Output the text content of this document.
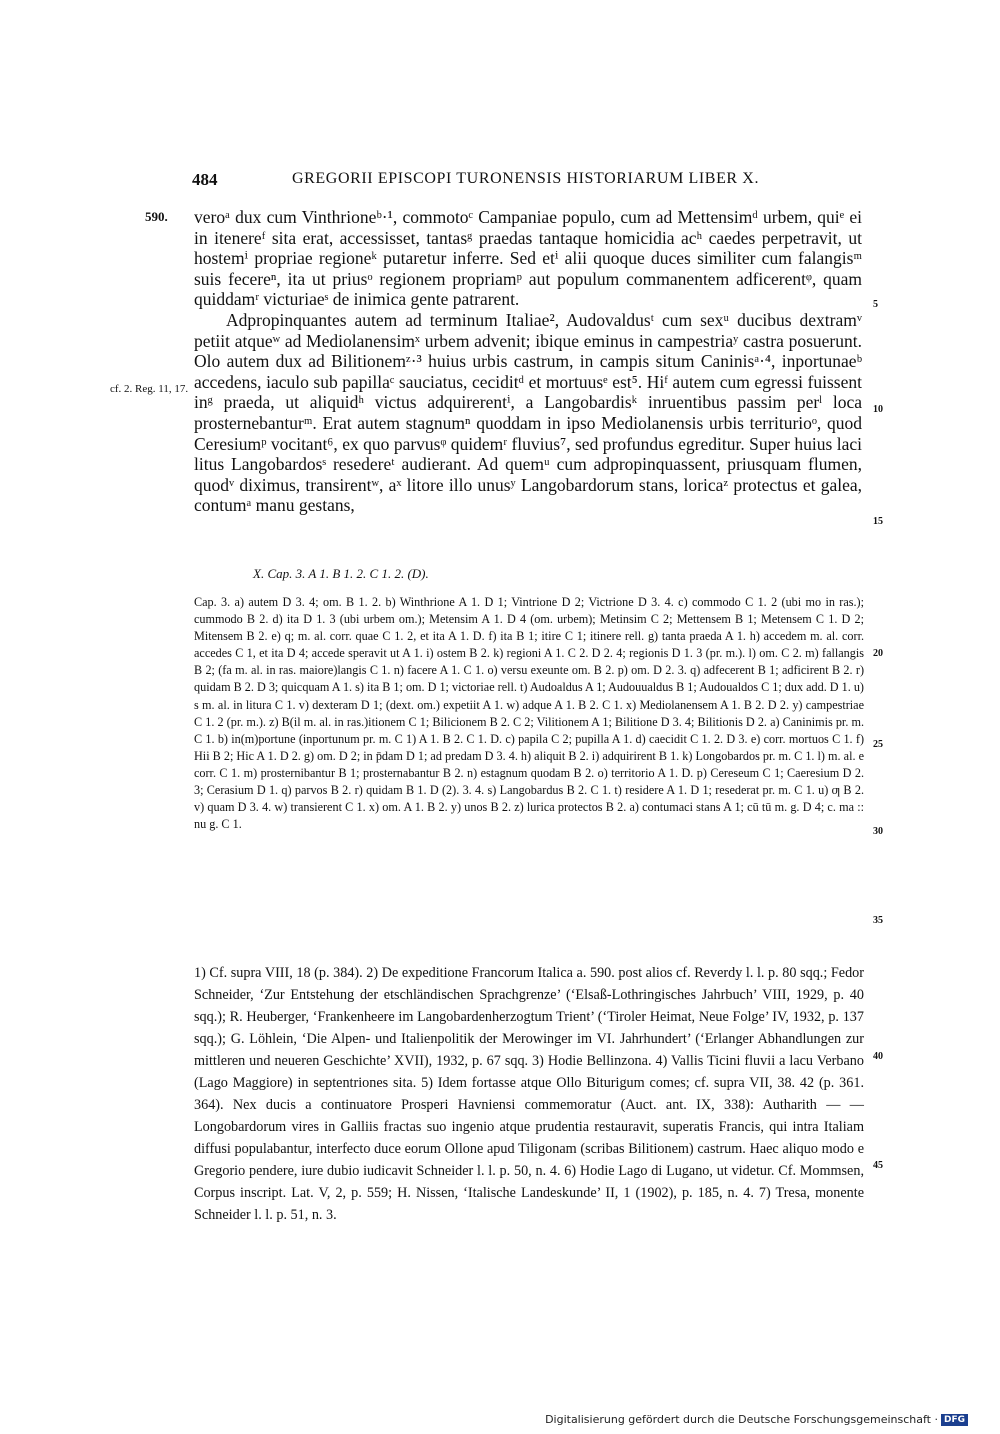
484	GREGORII EPISCOPI TURONENSIS HISTORIARUM LIBER X.
590.
cf. 2. Reg. 11, 17.

veroᵃ dux cum Vinthrioneᵇ·¹, commotoᶜ Campaniae populo, cum ad Mettensimᵈ urbem, quiᵉ ei in itenereᶠ sita erat, accessisset, tantasᵍ praedas tantaque homicidia acʰ caedes perpetravit, ut hostemⁱ propriae regioneᵏ putaretur inferre. Sed etⁱ alii quoque duces similiter cum falangisᵐ suis fecereⁿ, ita ut priusᵒ regionem propriamᵖ aut populum commanentem adficerentᵠ, quam quiddamʳ victuriaeˢ de inimica gente patrarent.

Adpropinquantes autem ad terminum Italiae², Audovaldusᵗ cum sexᵘ ducibus dextramᵛ petiit atqueʷ ad Mediolanensimˣ urbem advenit; ibique eminus in campestriaʸ castra posuerunt. Olo autem dux ad Bilitionemᶻ·³ huius urbis castrum, in campis situm Caninisᵃ·⁴, inportunaeᵇ accedens, iaculo sub papillaᶜ sauciatus, ceciditᵈ et mortuusᵉ est⁵. Hiᶠ autem cum egressi fuissent inᵍ praeda, ut aliquidʰ victus adquirerentⁱ, a Langobardisᵏ inruentibus passim perˡ loca prosternebanturᵐ. Erat autem stagnumⁿ quoddam in ipso Mediolanensis urbis territurioᵒ, quod Ceresiumᵖ vocitant⁶, ex quo parvusᵠ quidemʳ fluvius⁷, sed profundus egreditur. Super huius laci litus Langobardosˢ resedereᵗ audierant. Ad quemᵘ cum adpropinquassent, priusquam flumen, quodᵛ diximus, transirentʷ, aˣ litore illo unusʸ Langobardorum stans, loricaᶻ protectus et galea, contumᵃ manu gestans,

5
10
15
20
25
30
35
40
45
X. Cap. 3. A 1. B 1. 2. C 1. 2. (D).
Cap. 3. a) autem D 3. 4; om. B 1. 2. b) Winthrione A 1. D 1; Vintrione D 2; Victrione D 3. 4. c) commodo C 1. 2 (ubi mo in ras.); cummodo B 2. d) ita D 1. 3 (ubi urbem om.); Metensim A 1. D 4 (om. urbem); Metinsim C 2; Mettensem B 1; Metensem C 1. D 2; Mitensem B 2. e) q; m. al. corr. quae C 1. 2, et ita A 1. D. f) ita B 1; itire C 1; itinere rell. g) tanta praeda A 1. h) accedem m. al. corr. accedes C 1, et ita D 4; accede speravit ut A 1. i) ostem B 2. k) regioni A 1. C 2. D 2. 4; regionis D 1. 3 (pr. m.). l) om. C 2. m) fallangis B 2; (fa m. al. in ras. maiore)langis C 1. n) facere A 1. C 1. o) versu exeunte om. B 2. p) om. D 2. 3. q) adfecerent B 1; adficirent B 2. r) quidam B 2. D 3; quicquam A 1. s) ita B 1; om. D 1; victoriae rell. t) Audoaldus A 1; Audouualdus B 1; Audoualdos C 1; dux add. D 1. u) s m. al. in litura C 1. v) dexteram D 1; (dext. om.) expetiit A 1. w) adque A 1. B 2. C 1. x) Mediolanensem A 1. B 2. D 2. y) campestriae C 1. 2 (pr. m.). z) B(il m. al. in ras.)itionem C 1; Bilicionem B 2. C 2; Vilitionem A 1; Bilitione D 3. 4; Bilitionis D 2. a) Caninimis pr. m. C 1. b) in(m)portune (inportunum pr. m. C 1) A 1. B 2. C 1. D. c) papila C 2; pupilla A 1. d) caecidit C 1. 2. D 3. e) corr. mortuos C 1. f) Hii B 2; Hic A 1. D 2. g) om. D 2; in p̄dam D 1; ad predam D 3. 4. h) aliquit B 2. i) adquirirent B 1. k) Longobardos pr. m. C 1. l) m. al. e corr. C 1. m) prosternibantur B 1; prosternabantur B 2. n) estagnum quodam B 2. o) territorio A 1. D. p) Cereseum C 1; Caeresium D 2. 3; Cerasium D 1. q) parvos B 2. r) quidam B 1. D (2). 3. 4. s) Langobardus B 2. C 1. t) residere A 1. D 1; resederat pr. m. C 1. u) ƣ B 2. v) quam D 3. 4. w) transierent C 1. x) om. A 1. B 2. y) unos B 2. z) lurica protectos B 2. a) contumaci stans A 1; cū tū m. g. D 4; c. ma :: nu g. C 1.
1) Cf. supra VIII, 18 (p. 384). 2) De expeditione Francorum Italica a. 590. post alios cf. Reverdy l. l. p. 80 sqq.; Fedor Schneider, ‘Zur Entstehung der etschländischen Sprachgrenze’ (‘Elsaß-Lothringisches Jahrbuch’ VIII, 1929, p. 40 sqq.); R. Heuberger, ‘Frankenheere im Langobardenherzogtum Trient’ (‘Tiroler Heimat, Neue Folge’ IV, 1932, p. 137 sqq.); G. Löhlein, ‘Die Alpen- und Italienpolitik der Merowinger im VI. Jahrhundert’ (‘Erlanger Abhandlungen zur mittleren und neueren Geschichte’ XVII), 1932, p. 67 sqq. 3) Hodie Bellinzona. 4) Vallis Ticini fluvii a lacu Verbano (Lago Maggiore) in septentriones sita. 5) Idem fortasse atque Ollo Biturigum comes; cf. supra VII, 38. 42 (p. 361. 364). Nex ducis a continuatore Prosperi Havniensi commemoratur (Auct. ant. IX, 338): Autharith — — Longobardorum vires in Galliis fractas suo ingenio atque prudentia restauravit, superatis Francis, qui intra Italiam diffusi populabantur, interfecto duce eorum Ollone apud Tiligonam (scribas Bilitionem) castrum. Haec aliquo modo e Gregorio pendere, iure dubio iudicavit Schneider l. l. p. 50, n. 4. 6) Hodie Lago di Lugano, ut videtur. Cf. Mommsen, Corpus inscript. Lat. V, 2, p. 559; H. Nissen, ‘Italische Landeskunde’ II, 1 (1902), p. 185, n. 4. 7) Tresa, monente Schneider l. l. p. 51, n. 3.
Digitalisierung gefördert durch die Deutsche Forschungsgemeinschaft · DFG
